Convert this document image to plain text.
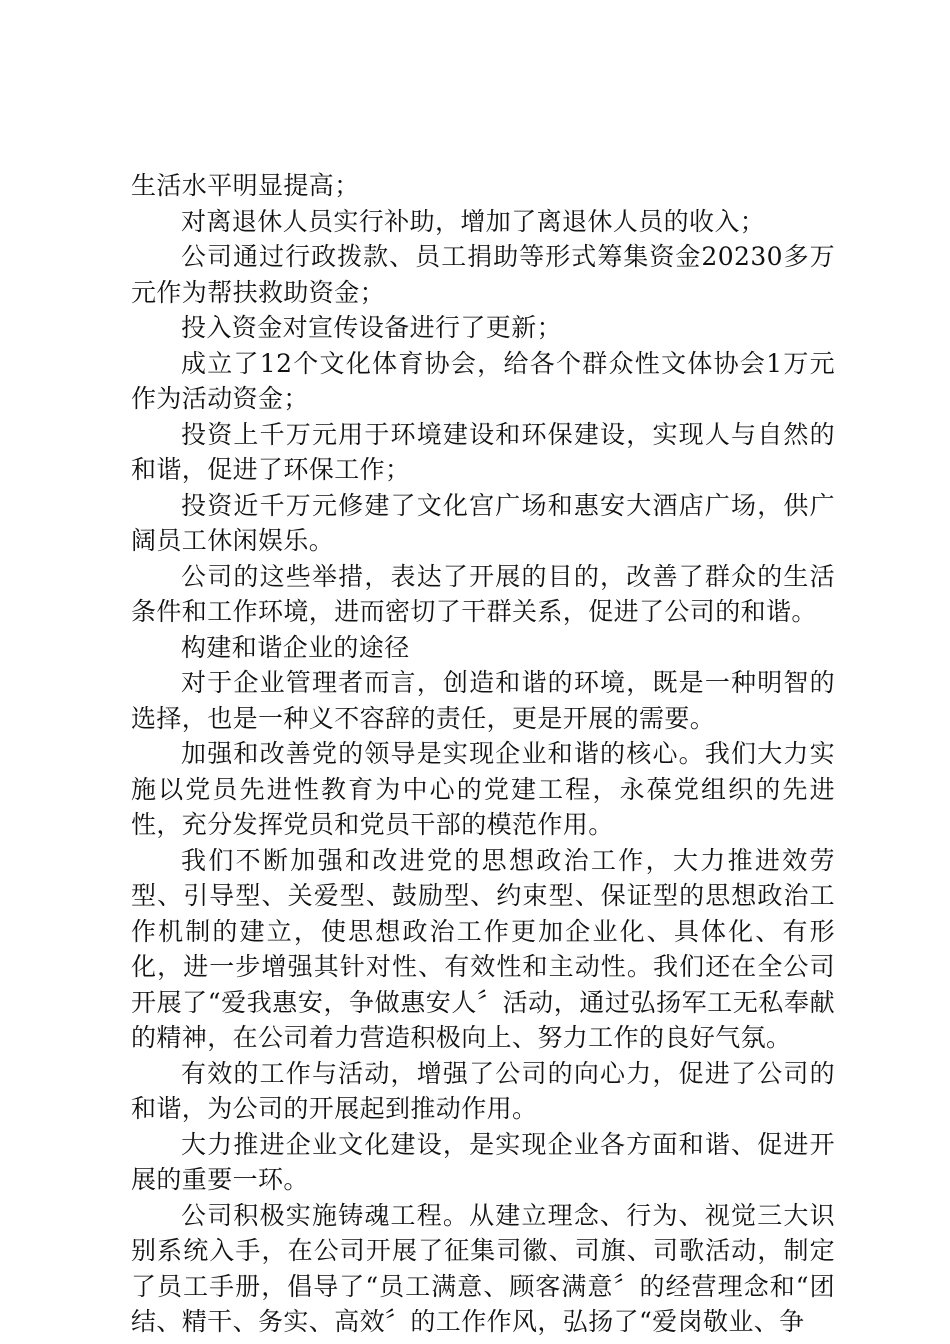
生活水平明显提高；

对离退休人员实行补助，增加了离退休人员的收入；

公司通过行政拨款、员工捐助等形式筹集资金20230多万元作为帮扶救助资金；

投入资金对宣传设备进行了更新；

成立了12个文化体育协会，给各个群众性文体协会1万元作为活动资金；

投资上千万元用于环境建设和环保建设，实现人与自然的和谐，促进了环保工作；

投资近千万元修建了文化宫广场和惠安大酒店广场，供广阔员工休闲娱乐。

公司的这些举措，表达了开展的目的，改善了群众的生活条件和工作环境，进而密切了干群关系，促进了公司的和谐。

构建和谐企业的途径

对于企业管理者而言，创造和谐的环境，既是一种明智的选择，也是一种义不容辞的责任，更是开展的需要。

加强和改善党的领导是实现企业和谐的核心。我们大力实施以党员先进性教育为中心的党建工程，永葆党组织的先进性，充分发挥党员和党员干部的模范作用。

我们不断加强和改进党的思想政治工作，大力推进效劳型、引导型、关爱型、鼓励型、约束型、保证型的思想政治工作机制的建立，使思想政治工作更加企业化、具体化、有形化，进一步增强其针对性、有效性和主动性。我们还在全公司开展了“爱我惠安，争做惠安人〞活动，通过弘扬军工无私奉献的精神，在公司着力营造积极向上、努力工作的良好气氛。

有效的工作与活动，增强了公司的向心力，促进了公司的和谐，为公司的开展起到推动作用。

大力推进企业文化建设，是实现企业各方面和谐、促进开展的重要一环。

公司积极实施铸魂工程。从建立理念、行为、视觉三大识别系统入手，在公司开展了征集司徽、司旗、司歌活动，制定了员工手册，倡导了“员工满意、顾客满意〞的经营理念和“团结、精干、务实、高效〞的工作作风，弘扬了“爱岗敬业、争
